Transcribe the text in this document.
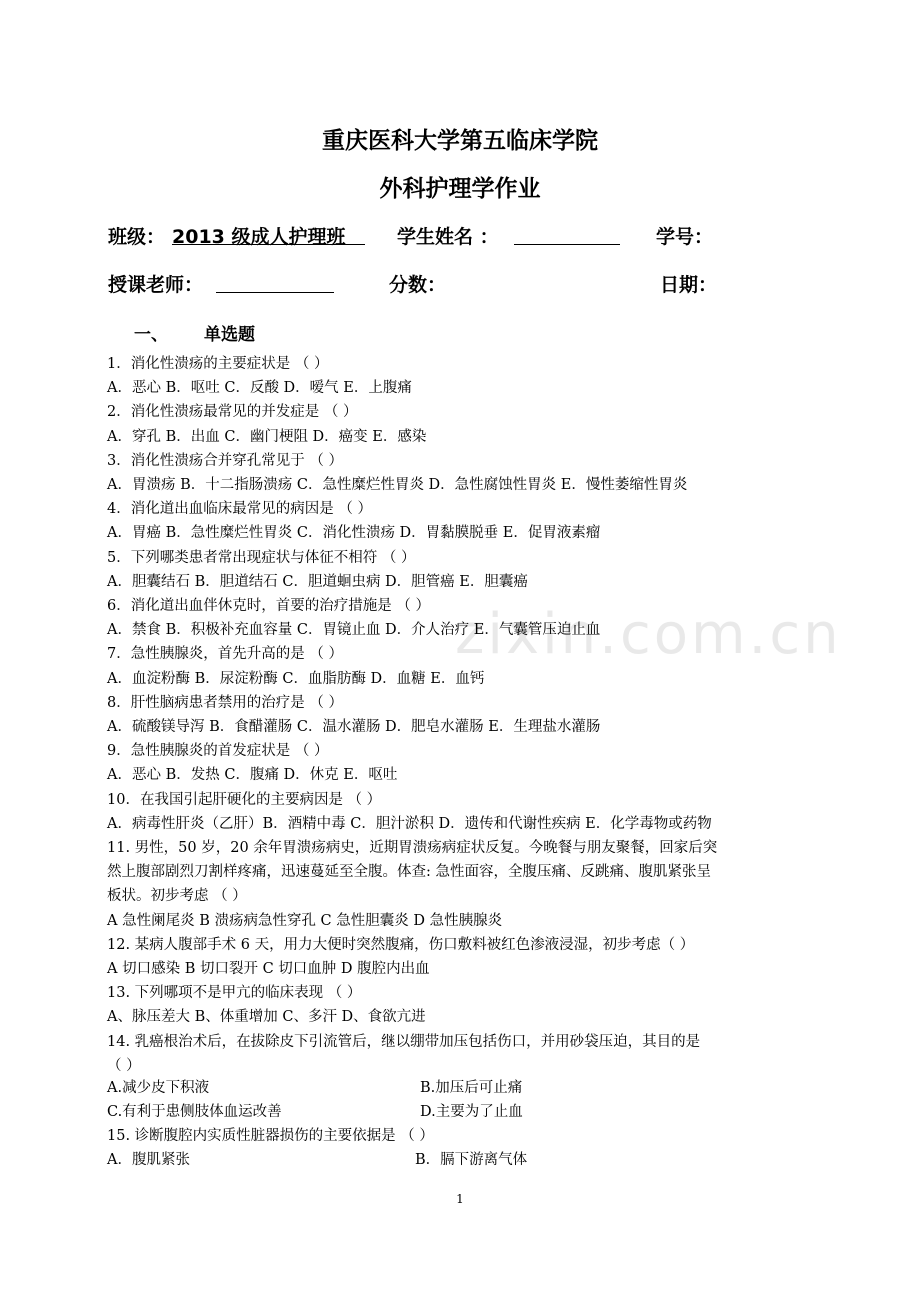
zixin.com.cn
重庆医科大学第五临床学院
外科护理学作业
班级： 2013 级成人护理班	学生姓名 ：	学号：
授课老师：	分数：	日期：
一、 单选题
1．消化性溃疡的主要症状是 （ ）
A．恶心 B．呕吐 C．反酸 D．嗳气 E．上腹痛
2．消化性溃疡最常见的并发症是 （ ）
A．穿孔 B．出血 C．幽门梗阻 D．癌变 E．感染
3．消化性溃疡合并穿孔常见于 （ ）
A．胃溃疡 B．十二指肠溃疡 C．急性糜烂性胃炎 D．急性腐蚀性胃炎 E．慢性萎缩性胃炎
4．消化道出血临床最常见的病因是 （ ）
A．胃癌 B．急性糜烂性胃炎 C．消化性溃疡 D．胃黏膜脱垂 E．促胃液素瘤
5．下列哪类患者常出现症状与体征不相符 （ ）
A．胆囊结石 B．胆道结石 C．胆道蛔虫病 D．胆管癌 E．胆囊癌
6．消化道出血伴休克时，首要的治疗措施是 （ ）
A．禁食 B．积极补充血容量 C．胃镜止血 D．介人治疗 E．气囊管压迫止血
7．急性胰腺炎，首先升高的是 （ ）
A．血淀粉酶 B．尿淀粉酶 C．血脂肪酶 D．血糖 E．血钙
8．肝性脑病患者禁用的治疗是 （ ）
A．硫酸镁导泻 B．食醋灌肠 C．温水灌肠 D．肥皂水灌肠 E．生理盐水灌肠
9．急性胰腺炎的首发症状是 （ ）
A．恶心 B．发热 C．腹痛 D．休克 E．呕吐
10．在我国引起肝硬化的主要病因是 （ ）
A．病毒性肝炎（乙肝）B．酒精中毒 C．胆汁淤积 D．遗传和代谢性疾病 E．化学毒物或药物
11. 男性，50 岁，20 余年胃溃疡病史，近期胃溃疡病症状反复。今晚餐与朋友聚餐，回家后突
然上腹部剧烈刀割样疼痛，迅速蔓延至全腹。体查: 急性面容，全腹压痛、反跳痛、腹肌紧张呈
板状。初步考虑 （ ）
A 急性阑尾炎 B 溃疡病急性穿孔 C 急性胆囊炎 D 急性胰腺炎
12. 某病人腹部手术 6 天，用力大便时突然腹痛，伤口敷料被红色渗液浸湿，初步考虑（ ）
A 切口感染 B 切口裂开 C 切口血肿 D 腹腔内出血
13. 下列哪项不是甲亢的临床表现 （ ）
A、脉压差大 B、体重增加 C、多汗 D、食欲亢进
14. 乳癌根治术后，在拔除皮下引流管后，继以绷带加压包括伤口，并用砂袋压迫，其目的是
（ ）
A.减少皮下积液	B.加压后可止痛
C.有利于患侧肢体血运改善	D.主要为了止血
15. 诊断腹腔内实质性脏器损伤的主要依据是 （ ）
A．腹肌紧张	B．膈下游离气体
1
